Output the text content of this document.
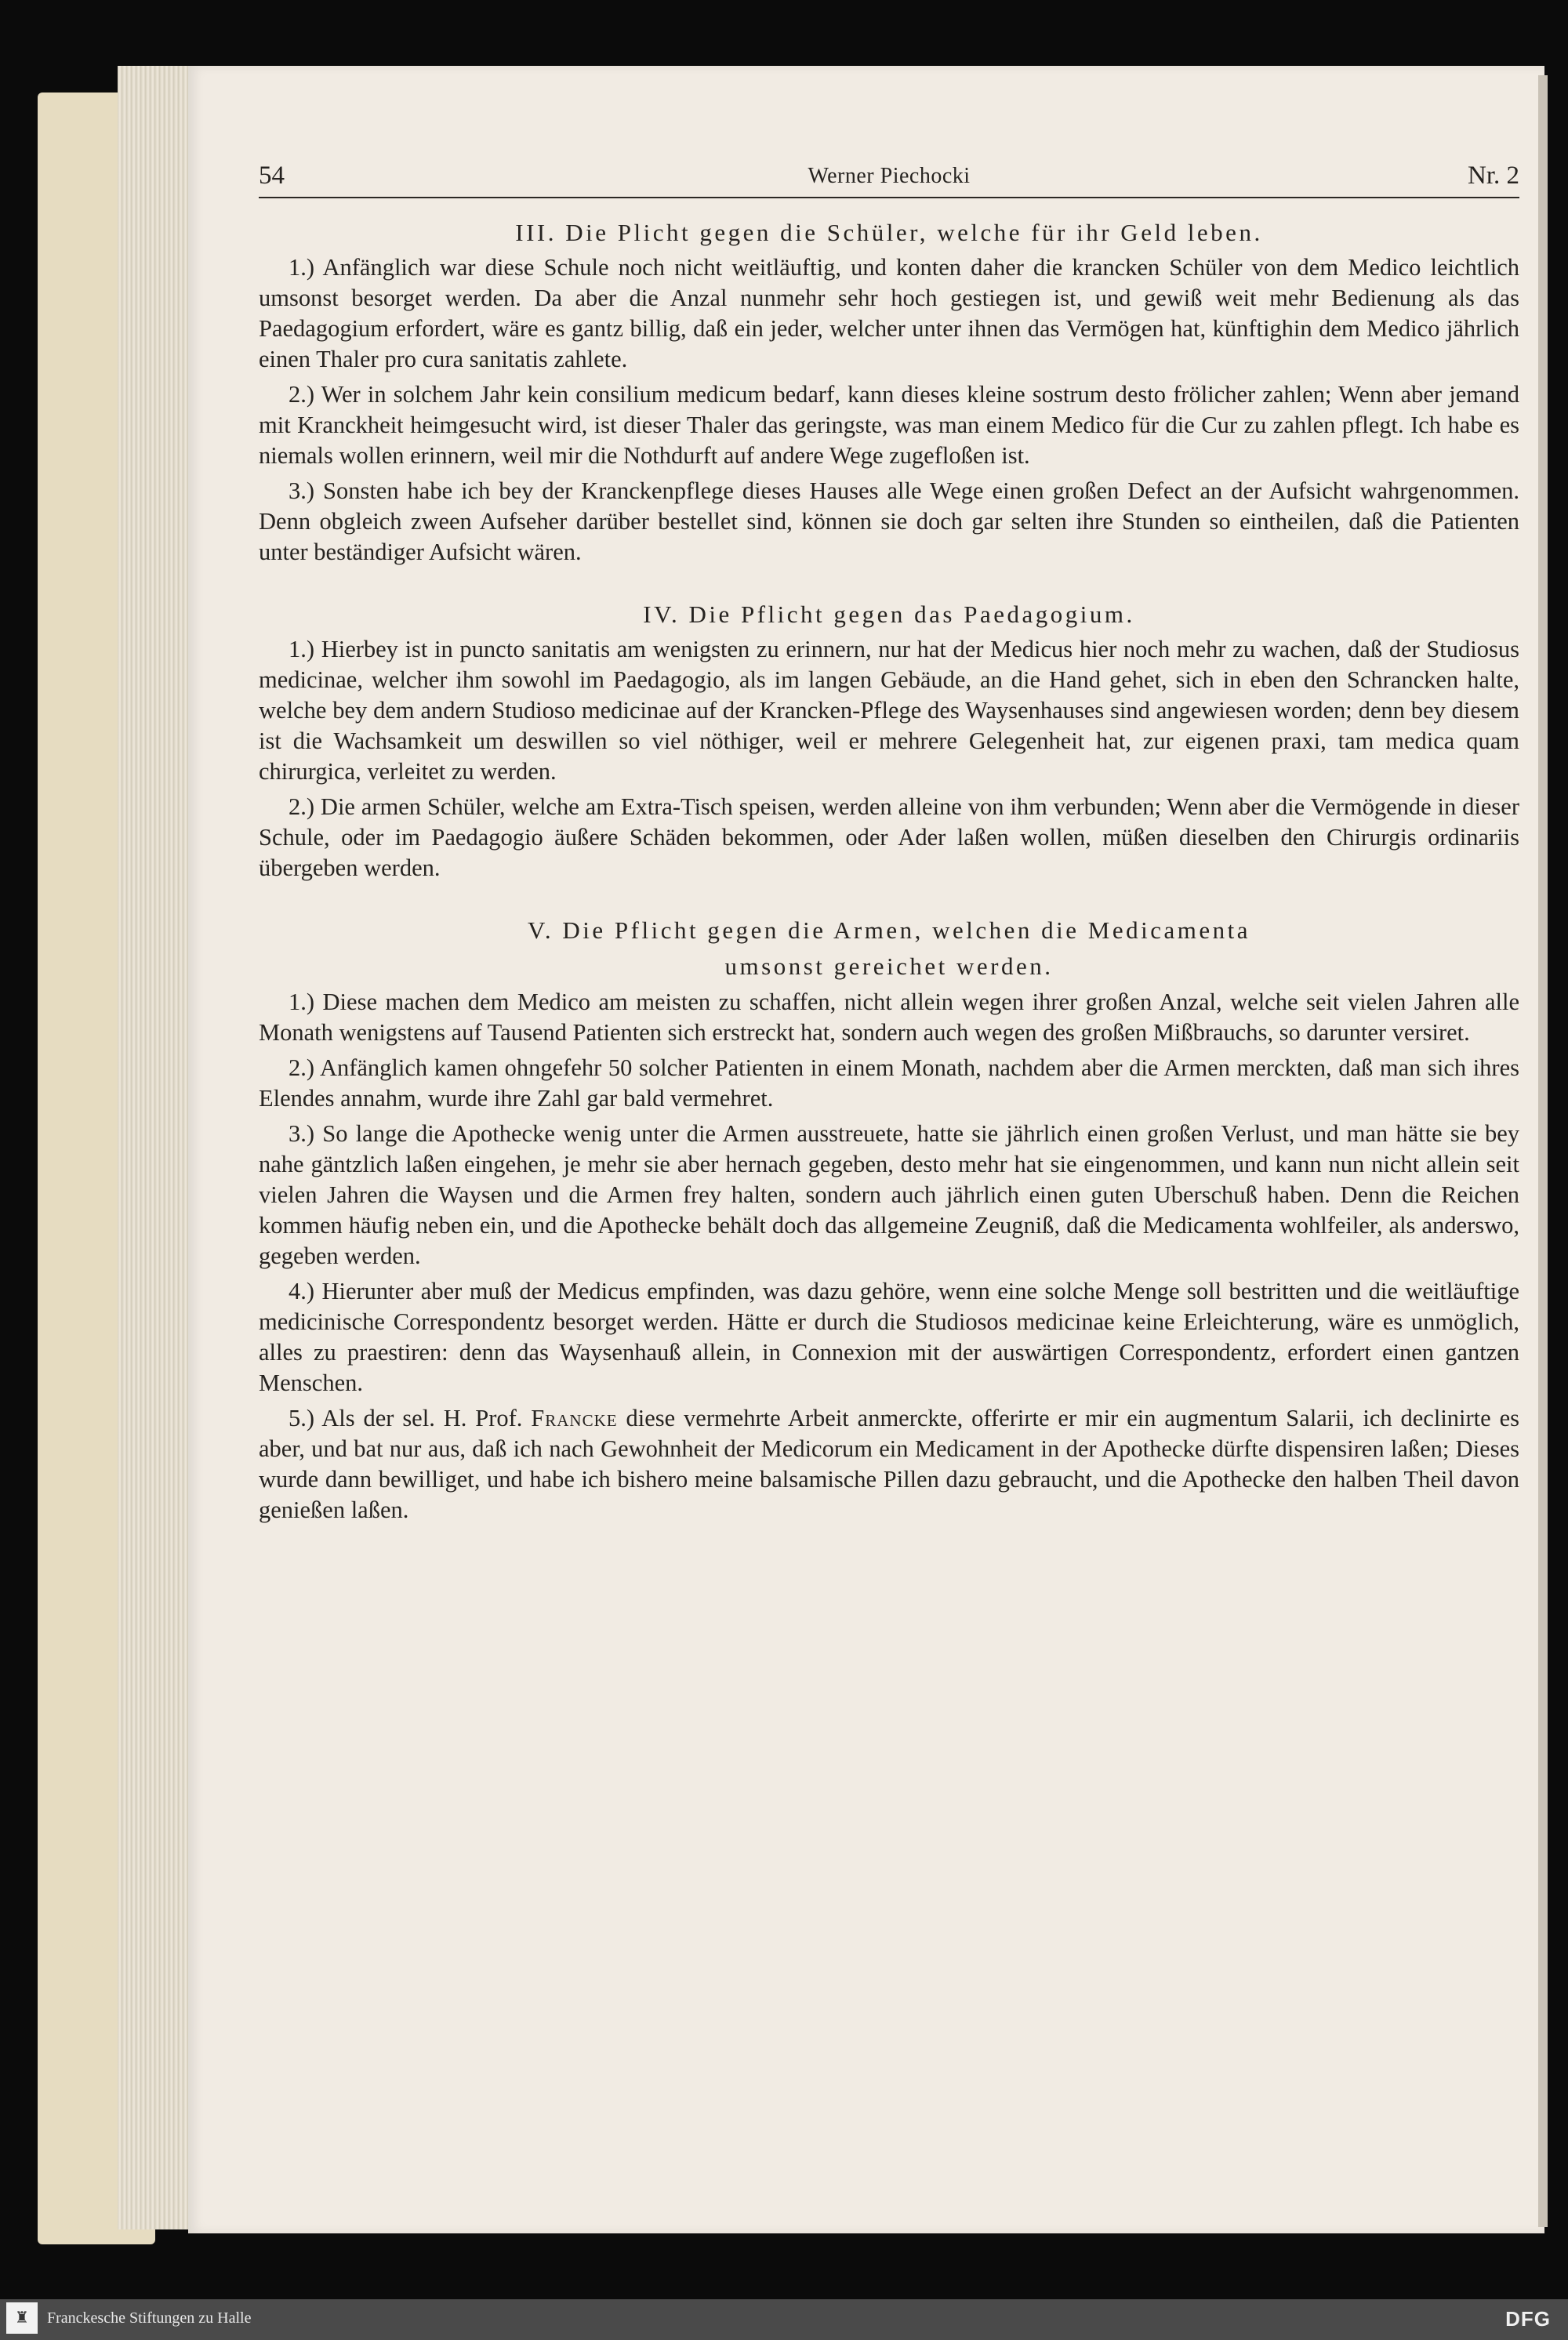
54	Werner Piechocki	Nr. 2
III. Die Plicht gegen die Schüler, welche für ihr Geld leben.

1.) Anfänglich war diese Schule noch nicht weitläuftig, und konten daher die krancken Schüler von dem Medico leichtlich umsonst besorget werden. Da aber die Anzal nunmehr sehr hoch gestiegen ist, und gewiß weit mehr Bedienung als das Paedagogium erfordert, wäre es gantz billig, daß ein jeder, welcher unter ihnen das Vermögen hat, künftighin dem Medico jährlich einen Thaler pro cura sanitatis zahlete.

2.) Wer in solchem Jahr kein consilium medicum bedarf, kann dieses kleine sostrum desto frölicher zahlen; Wenn aber jemand mit Kranckheit heimgesucht wird, ist dieser Thaler das geringste, was man einem Medico für die Cur zu zahlen pflegt. Ich habe es niemals wollen erinnern, weil mir die Nothdurft auf andere Wege zugefloßen ist.

3.) Sonsten habe ich bey der Kranckenpflege dieses Hauses alle Wege einen großen Defect an der Aufsicht wahrgenommen. Denn obgleich zween Aufseher darüber bestellet sind, können sie doch gar selten ihre Stunden so eintheilen, daß die Patienten unter beständiger Aufsicht wären.

IV. Die Pflicht gegen das Paedagogium.

1.) Hierbey ist in puncto sanitatis am wenigsten zu erinnern, nur hat der Medicus hier noch mehr zu wachen, daß der Studiosus medicinae, welcher ihm sowohl im Paedagogio, als im langen Gebäude, an die Hand gehet, sich in eben den Schrancken halte, welche bey dem andern Studioso medicinae auf der Krancken-Pflege des Waysenhauses sind angewiesen worden; denn bey diesem ist die Wachsamkeit um deswillen so viel nöthiger, weil er mehrere Gelegenheit hat, zur eigenen praxi, tam medica quam chirurgica, verleitet zu werden.

2.) Die armen Schüler, welche am Extra-Tisch speisen, werden alleine von ihm verbunden; Wenn aber die Vermögende in dieser Schule, oder im Paedagogio äußere Schäden bekommen, oder Ader laßen wollen, müßen dieselben den Chirurgis ordinariis übergeben werden.

V. Die Pflicht gegen die Armen, welchen die Medicamenta
umsonst gereichet werden.

1.) Diese machen dem Medico am meisten zu schaffen, nicht allein wegen ihrer großen Anzal, welche seit vielen Jahren alle Monath wenigstens auf Tausend Patienten sich erstreckt hat, sondern auch wegen des großen Mißbrauchs, so darunter versiret.

2.) Anfänglich kamen ohngefehr 50 solcher Patienten in einem Monath, nachdem aber die Armen merckten, daß man sich ihres Elendes annahm, wurde ihre Zahl gar bald vermehret.

3.) So lange die Apothecke wenig unter die Armen ausstreuete, hatte sie jährlich einen großen Verlust, und man hätte sie bey nahe gäntzlich laßen eingehen, je mehr sie aber hernach gegeben, desto mehr hat sie eingenommen, und kann nun nicht allein seit vielen Jahren die Waysen und die Armen frey halten, sondern auch jährlich einen guten Uberschuß haben. Denn die Reichen kommen häufig neben ein, und die Apothecke behält doch das allgemeine Zeugniß, daß die Medicamenta wohlfeiler, als anderswo, gegeben werden.

4.) Hierunter aber muß der Medicus empfinden, was dazu gehöre, wenn eine solche Menge soll bestritten und die weitläuftige medicinische Correspondentz besorget werden. Hätte er durch die Studiosos medicinae keine Erleichterung, wäre es unmöglich, alles zu praestiren: denn das Waysenhauß allein, in Connexion mit der auswärtigen Correspondentz, erfordert einen gantzen Menschen.

5.) Als der sel. H. Prof. Francke diese vermehrte Arbeit anmerckte, offerirte er mir ein augmentum Salarii, ich declinirte es aber, und bat nur aus, daß ich nach Gewohnheit der Medicorum ein Medicament in der Apothecke dürfte dispensiren laßen; Dieses wurde dann bewilliget, und habe ich bishero meine balsamische Pillen dazu gebraucht, und die Apothecke den halben Theil davon genießen laßen.

♜	Franckesche Stiftungen zu Halle	DFG
